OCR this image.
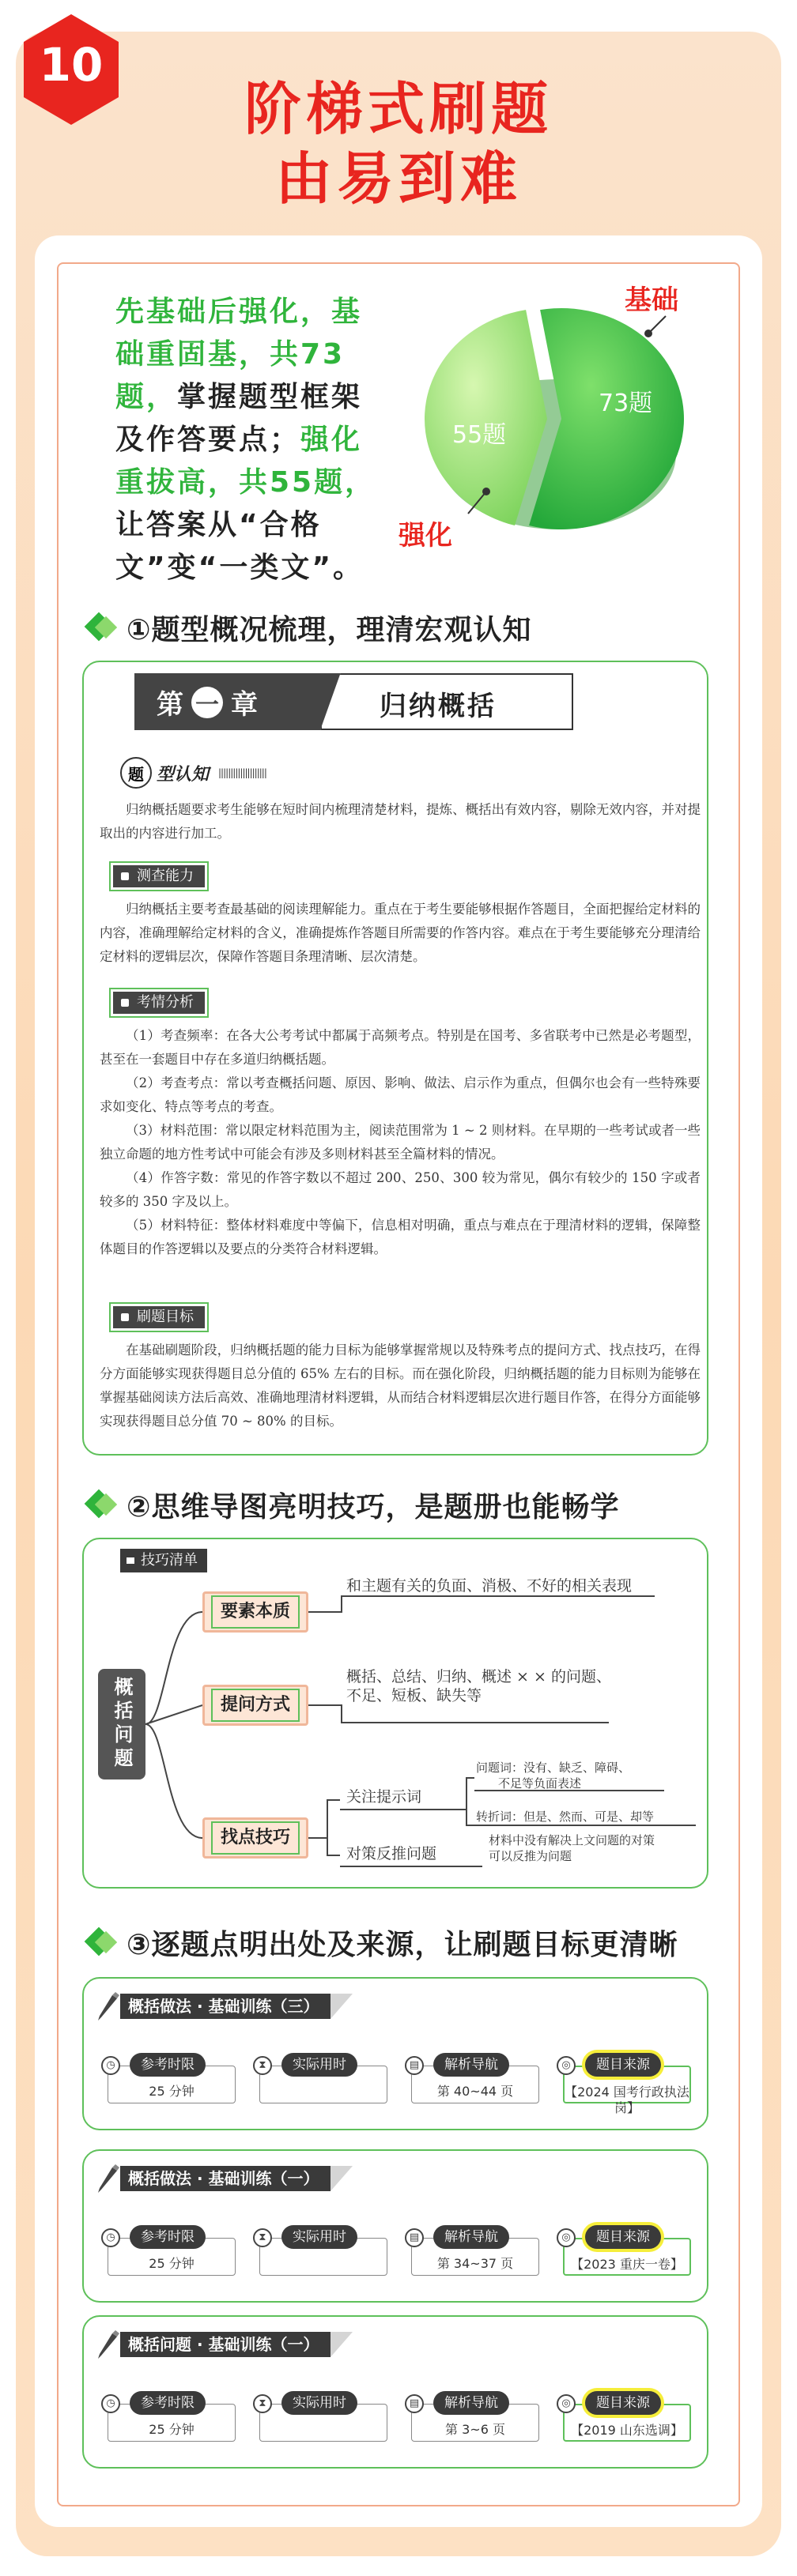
10
阶梯式刷题
由易到难
先基础后强化，基础重固基，共73题，掌握题型框架及作答要点；强化重拔高，共55题，让答案从“合格文”变“一类文”。
73题
55题
基础
强化
①题型概况梳理，理清宏观认知
第 一 章	归纳概括
题 型认知 ||||||||||||||||||||

归纳概括题要求考生能够在短时间内梳理清楚材料，提炼、概括出有效内容，剔除无效内容，并对提取出的内容进行加工。

测查能力

归纳概括主要考查最基础的阅读理解能力。重点在于考生要能够根据作答题目，全面把握给定材料的内容，准确理解给定材料的含义，准确提炼作答题目所需要的作答内容。难点在于考生要能够充分理清给定材料的逻辑层次，保障作答题目条理清晰、层次清楚。

考情分析

（1）考查频率：在各大公考考试中都属于高频考点。特别是在国考、多省联考中已然是必考题型，甚至在一套题目中存在多道归纳概括题。

（2）考查考点：常以考查概括问题、原因、影响、做法、启示作为重点，但偶尔也会有一些特殊要求如变化、特点等考点的考查。

（3）材料范围：常以限定材料范围为主，阅读范围常为 1 ~ 2 则材料。在早期的一些考试或者一些独立命题的地方性考试中可能会有涉及多则材料甚至全篇材料的情况。

（4）作答字数：常见的作答字数以不超过 200、250、300 较为常见，偶尔有较少的 150 字或者较多的 350 字及以上。

（5）材料特征：整体材料难度中等偏下，信息相对明确，重点与难点在于理清材料的逻辑，保障整体题目的作答逻辑以及要点的分类符合材料逻辑。

刷题目标

在基础刷题阶段，归纳概括题的能力目标为能够掌握常规以及特殊考点的提问方式、找点技巧，在得分方面能够实现获得题目总分值的 65% 左右的目标。而在强化阶段，归纳概括题的能力目标则为能够在掌握基础阅读方法后高效、准确地理清材料逻辑，从而结合材料逻辑层次进行题目作答，在得分方面能够实现获得题目总分值 70 ~ 80% 的目标。

②思维导图亮明技巧，是题册也能畅学
技巧清单
概括问题
要素本质
提问方式
找点技巧
和主题有关的负面、消极、不好的相关表现
概括、总结、归纳、概述 × × 的问题、
不足、短板、缺失等
关注提示词
对策反推问题
问题词：没有、缺乏、障碍、
不足等负面表述
转折词：但是、然而、可是、却等
材料中没有解决上文问题的对策
可以反推为问题
③逐题点明出处及来源，让刷题目标更清晰
概括做法 · 基础训练（三）
25 分钟
◷	参考时限	⧗	实际用时
第 40~44 页
▤	解析导航
【2024 国考行政执法岗】
◎	题目来源
概括做法 · 基础训练（一）
25 分钟
◷	参考时限	⧗	实际用时
第 34~37 页
▤	解析导航
【2023 重庆一卷】
◎	题目来源
概括问题 · 基础训练（一）
25 分钟
◷	参考时限	⧗	实际用时
第 3~6 页
▤	解析导航
【2019 山东选调】
◎	题目来源
